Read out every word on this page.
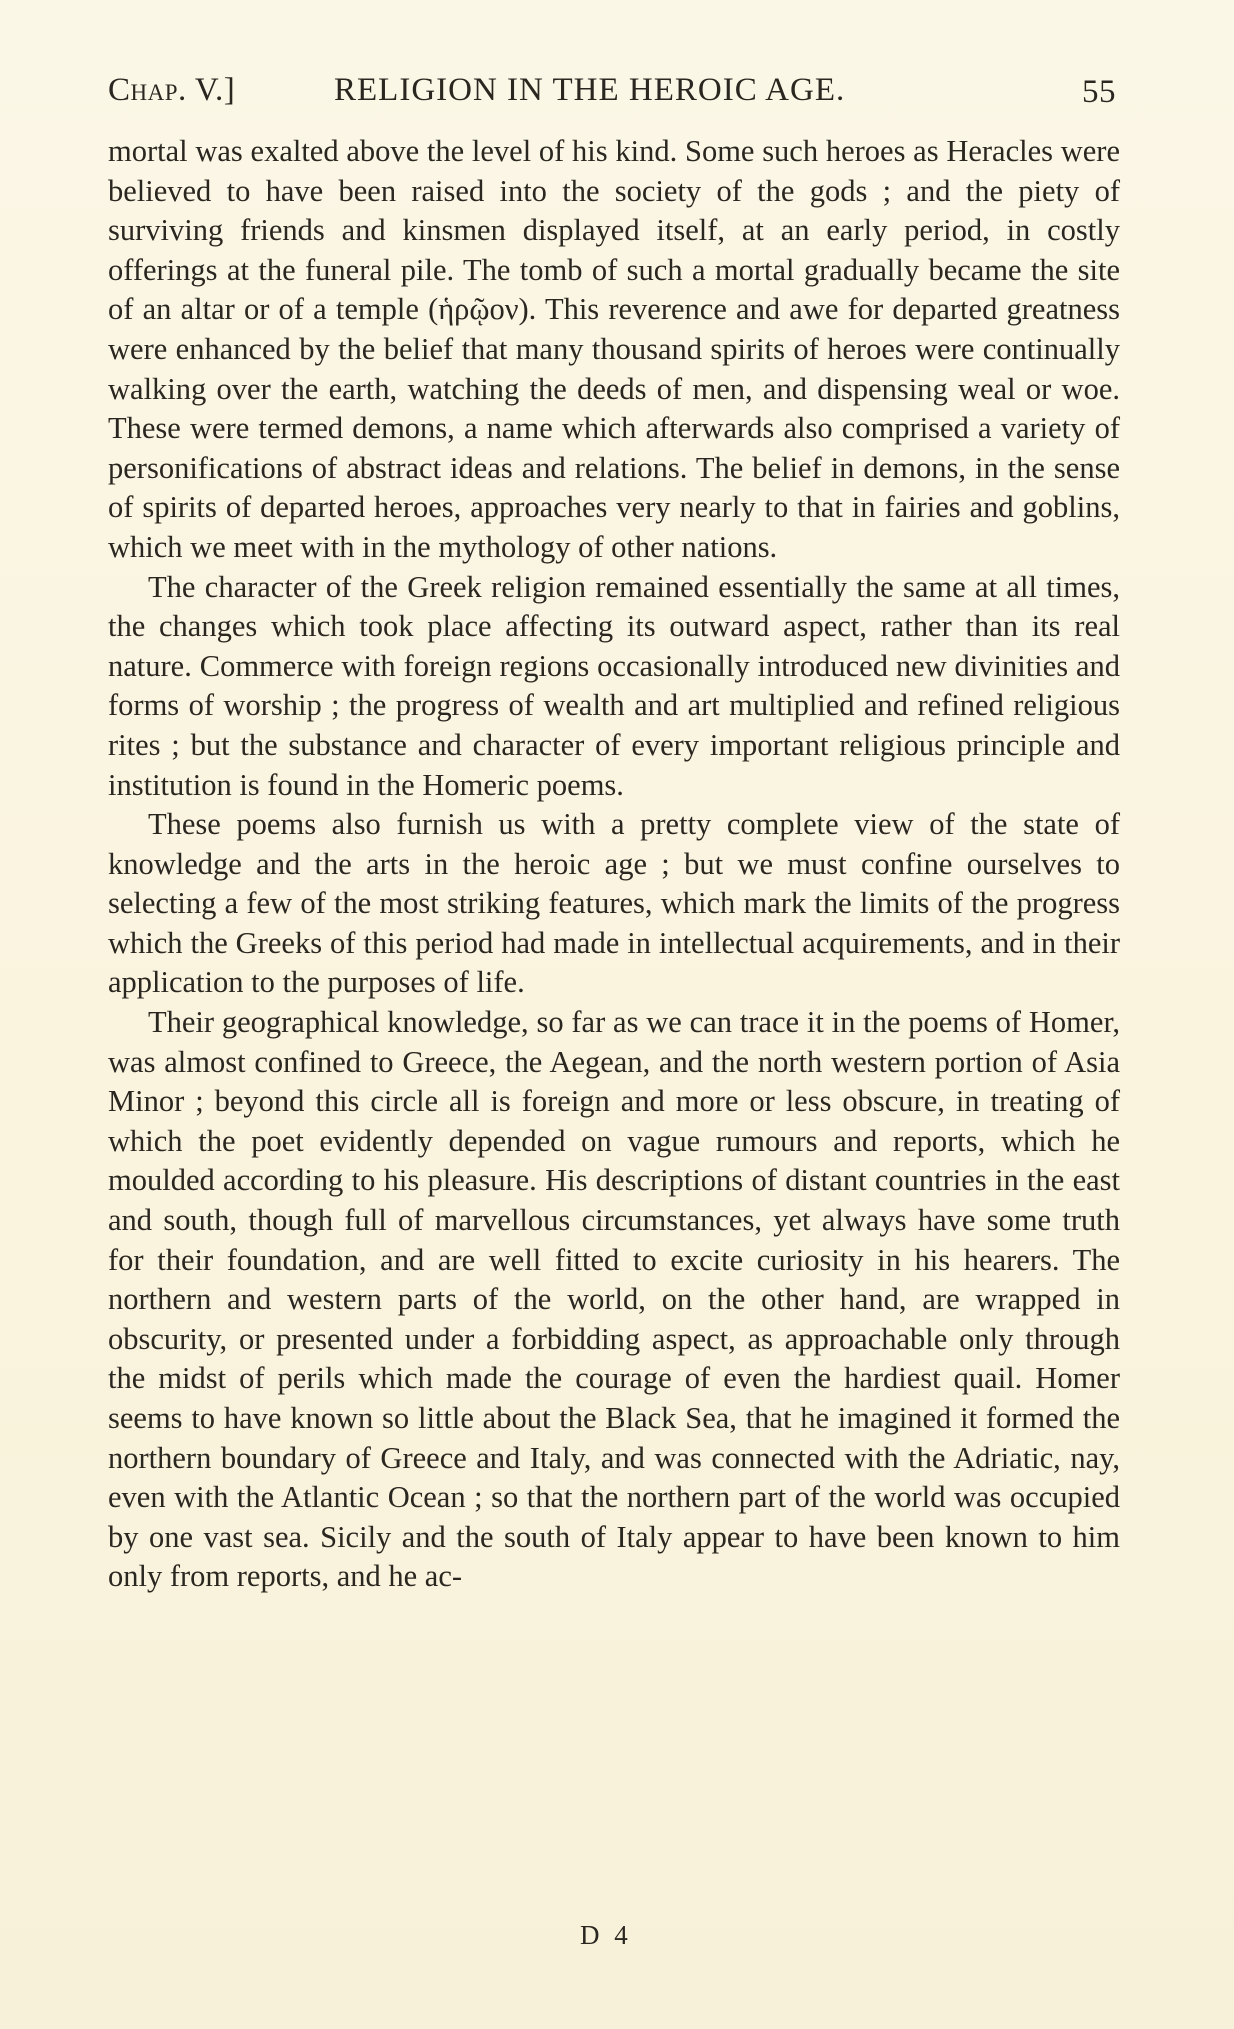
Chap. V.]	RELIGION IN THE HEROIC AGE.	55

mortal was exalted above the level of his kind. Some such heroes as Heracles were believed to have been raised into the society of the gods ; and the piety of surviving friends and kinsmen displayed itself, at an early period, in costly offerings at the funeral pile. The tomb of such a mortal gradually became the site of an altar or of a temple (ἡρῷον). This reverence and awe for departed greatness were enhanced by the belief that many thousand spirits of heroes were continually walking over the earth, watching the deeds of men, and dispensing weal or woe. These were termed demons, a name which afterwards also comprised a variety of personifications of abstract ideas and relations. The belief in demons, in the sense of spirits of departed heroes, approaches very nearly to that in fairies and goblins, which we meet with in the mythology of other nations.

The character of the Greek religion remained essentially the same at all times, the changes which took place affecting its outward aspect, rather than its real nature. Commerce with foreign regions occasionally introduced new divinities and forms of worship ; the progress of wealth and art multiplied and refined religious rites ; but the substance and character of every important religious principle and institution is found in the Homeric poems.

These poems also furnish us with a pretty complete view of the state of knowledge and the arts in the heroic age ; but we must confine ourselves to selecting a few of the most striking features, which mark the limits of the progress which the Greeks of this period had made in intellectual acquirements, and in their application to the purposes of life.

Their geographical knowledge, so far as we can trace it in the poems of Homer, was almost confined to Greece, the Aegean, and the north western portion of Asia Minor ; beyond this circle all is foreign and more or less obscure, in treating of which the poet evidently depended on vague rumours and reports, which he moulded according to his pleasure. His descriptions of distant countries in the east and south, though full of marvellous circumstances, yet always have some truth for their foundation, and are well fitted to excite curiosity in his hearers. The northern and western parts of the world, on the other hand, are wrapped in obscurity, or presented under a forbidding aspect, as approachable only through the midst of perils which made the courage of even the hardiest quail. Homer seems to have known so little about the Black Sea, that he imagined it formed the northern boundary of Greece and Italy, and was connected with the Adriatic, nay, even with the Atlantic Ocean ; so that the northern part of the world was occupied by one vast sea. Sicily and the south of Italy appear to have been known to him only from reports, and he ac-

D 4
